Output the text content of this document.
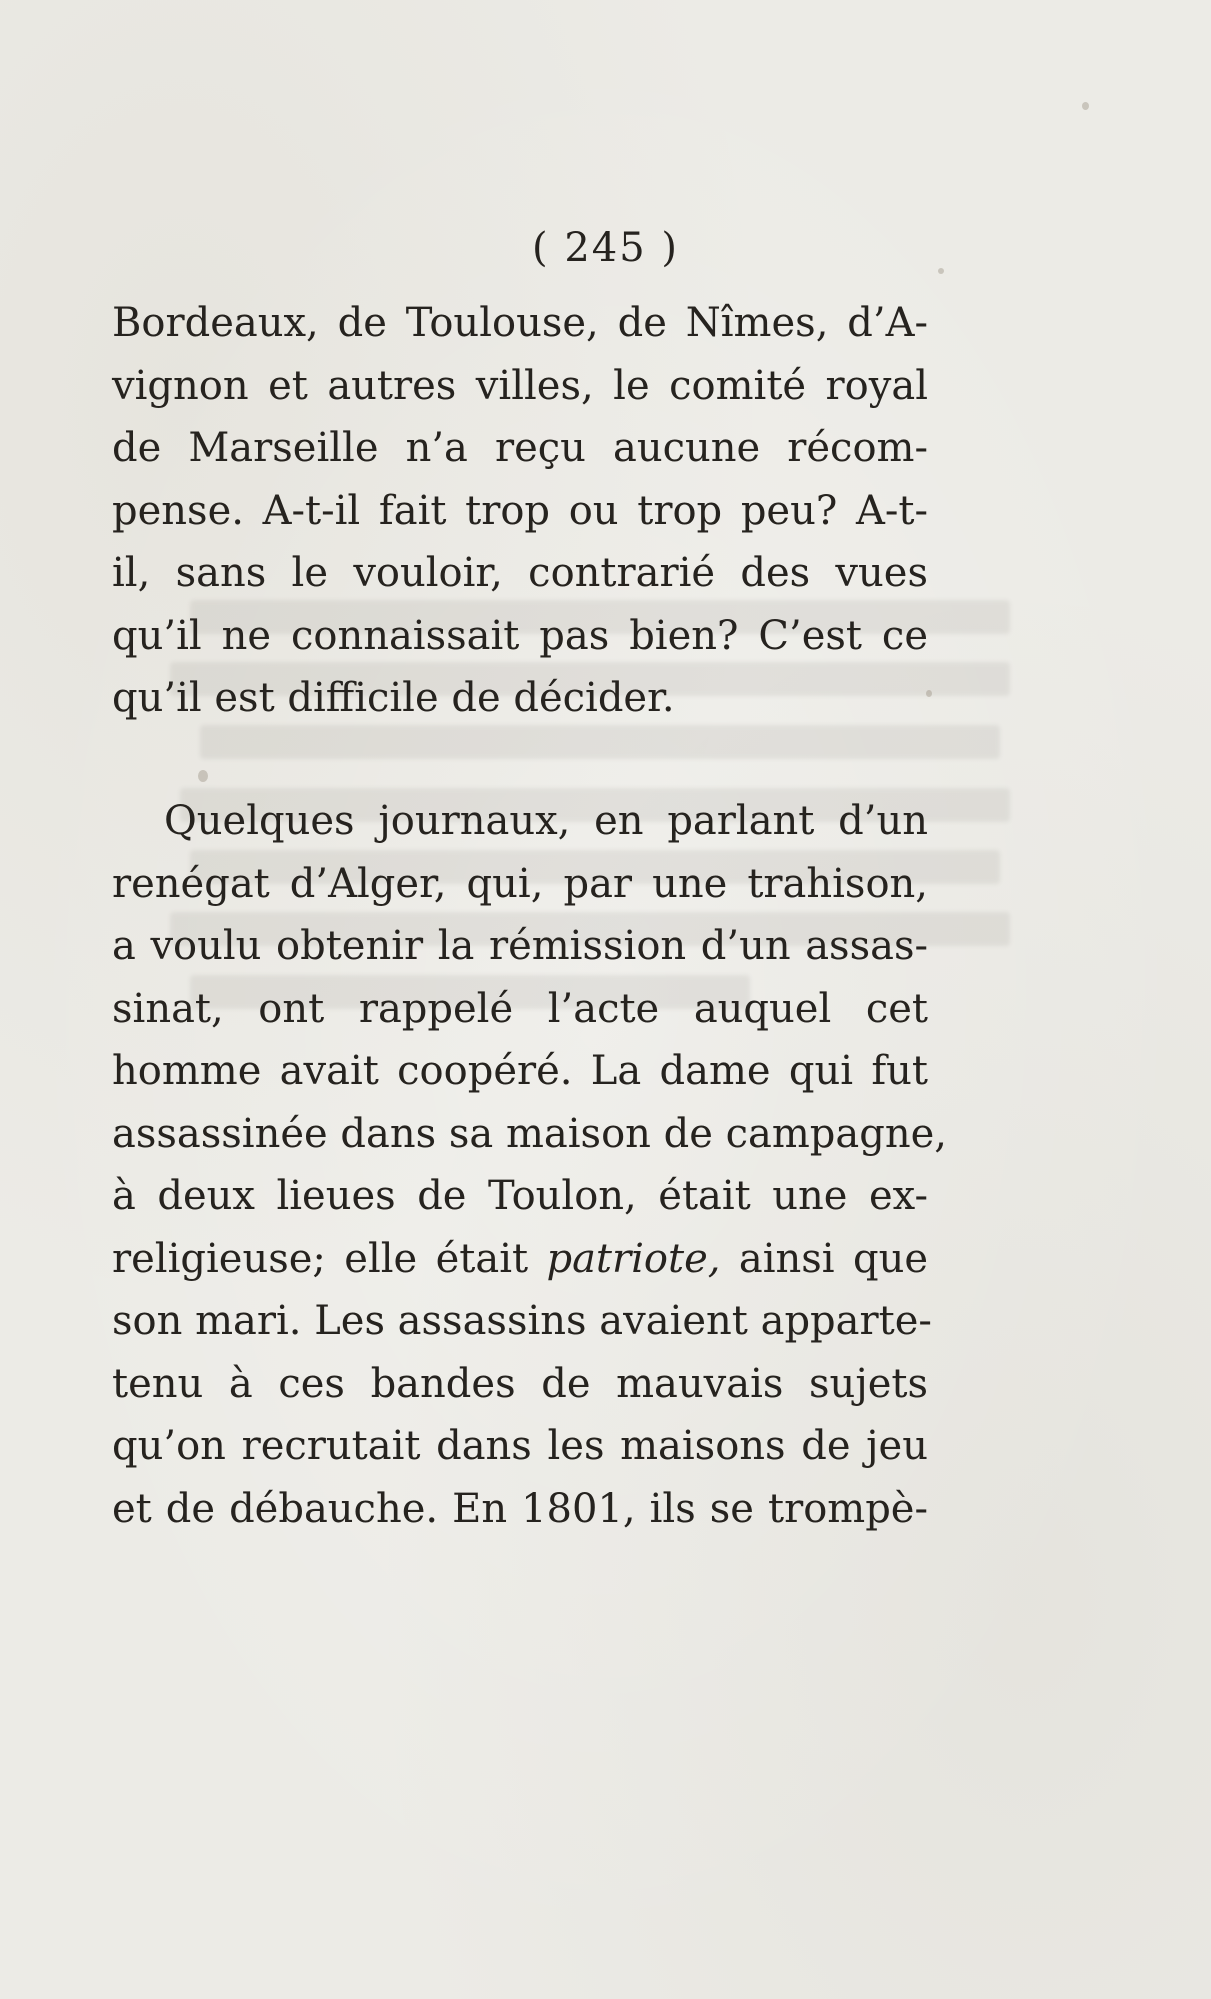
( 245 )
Bordeaux, de Toulouse, de Nîmes, d’A-
vignon et autres villes, le comité royal
de Marseille n’a reçu aucune récom-
pense. A-t-il fait trop ou trop peu? A-t-
il, sans le vouloir, contrarié des vues
qu’il ne connaissait pas bien? C’est ce
qu’il est difficile de décider.
Quelques journaux, en parlant d’un
renégat d’Alger, qui, par une trahison,
a voulu obtenir la rémission d’un assas-
sinat, ont rappelé l’acte auquel cet
homme avait coopéré. La dame qui fut
assassinée dans sa maison de campagne,
à deux lieues de Toulon, était une ex-
religieuse; elle était patriote, ainsi que
son mari. Les assassins avaient apparte-
tenu à ces bandes de mauvais sujets
qu’on recrutait dans les maisons de jeu
et de débauche. En 1801, ils se trompè-
